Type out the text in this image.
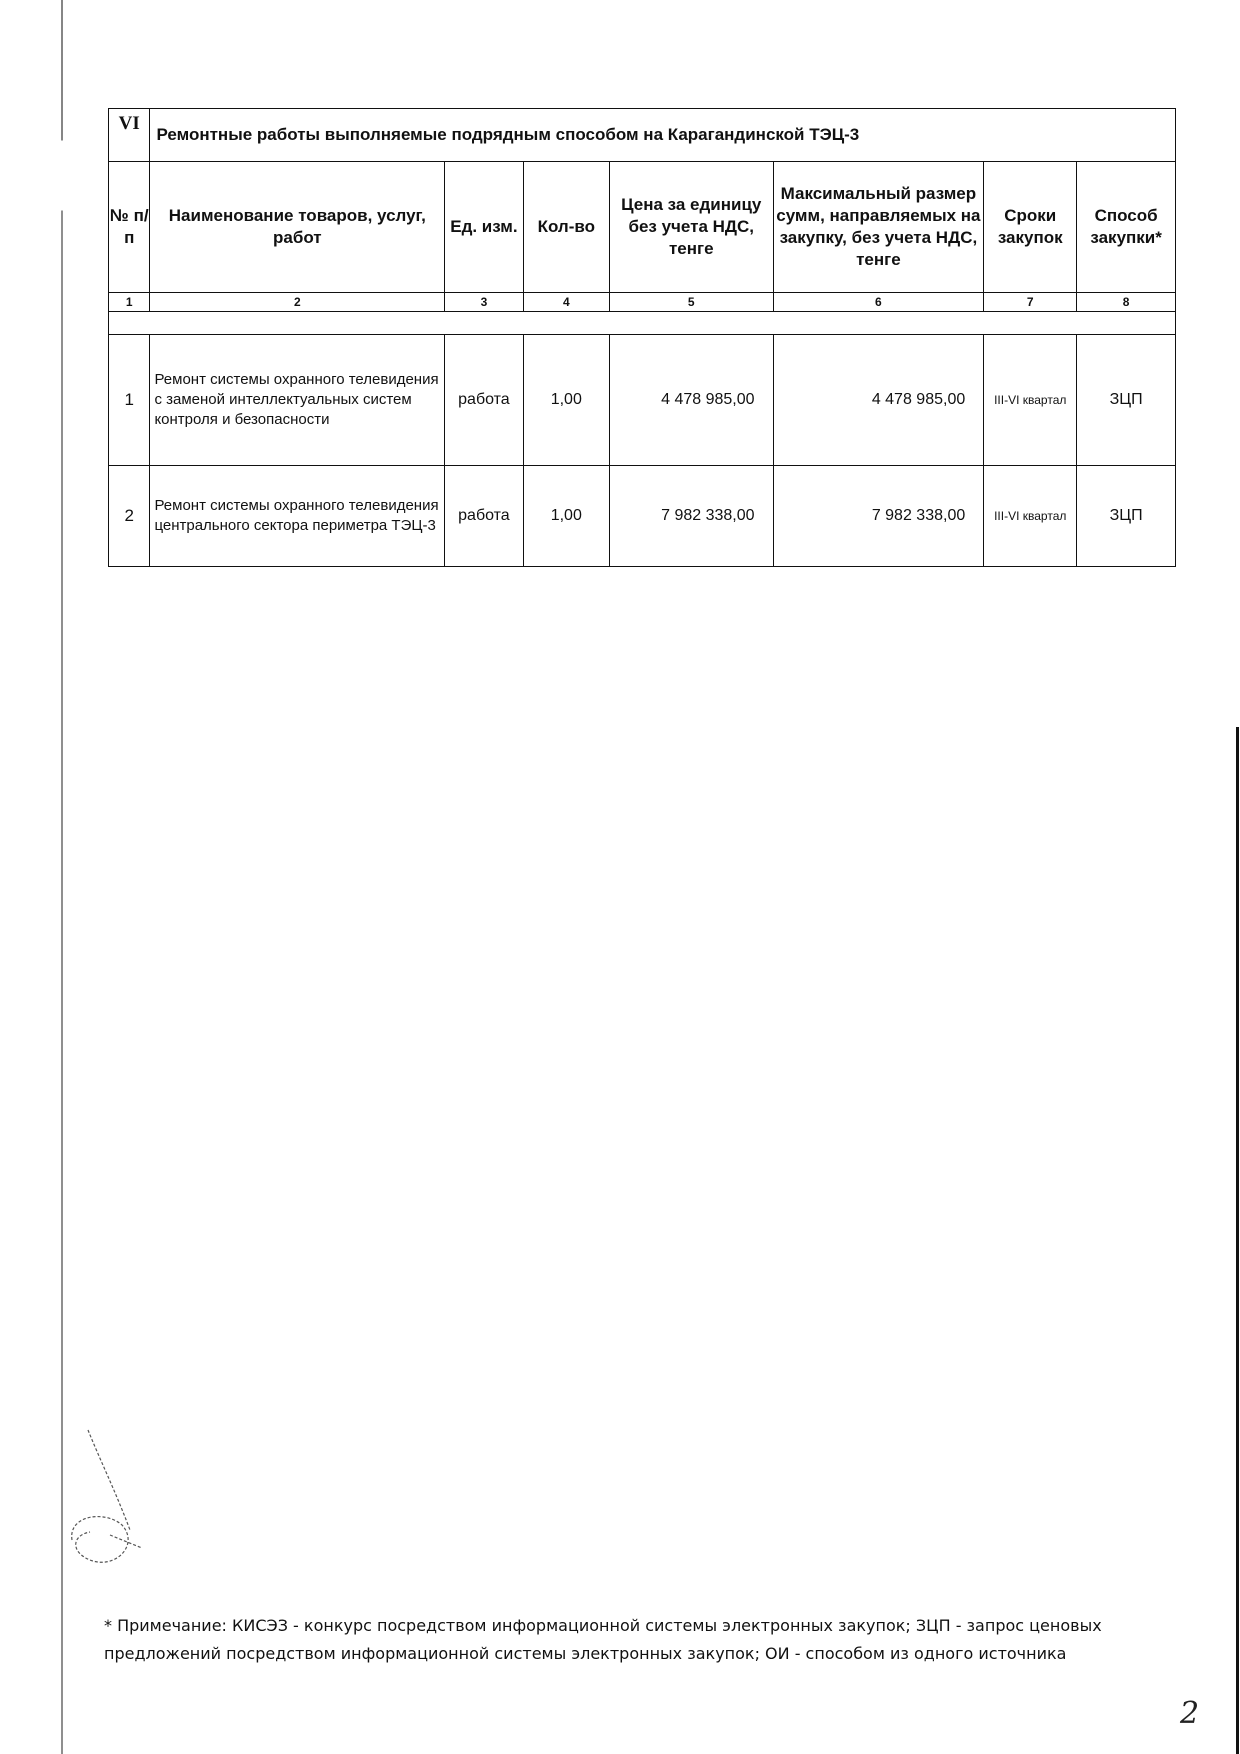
VI	Ремонтные работы выполняемые подрядным способом на Карагандинской ТЭЦ-3						
№ п/п	Наименование товаров, услуг, работ	Ед. изм.	Кол-во	Цена за единицу без учета НДС, тенге	Максимальный размер сумм, направляемых на закупку, без учета НДС, тенге	Сроки закупок	Способ закупки*
1	2	3	4	5	6	7	8

1	Ремонт системы охранного телевидения с заменой интеллектуальных систем контроля и безопасности	работа	1,00	4 478 985,00	4 478 985,00	III-VI квартал	ЗЦП
2	Ремонт системы охранного телевидения центрального сектора периметра ТЭЦ-3	работа	1,00	7 982 338,00	7 982 338,00	III-VI квартал	ЗЦП
* Примечание: КИСЭЗ - конкурс посредством информационной системы электронных закупок; ЗЦП - запрос ценовых предложений посредством информационной системы электронных закупок; ОИ - способом из одного источника
2
